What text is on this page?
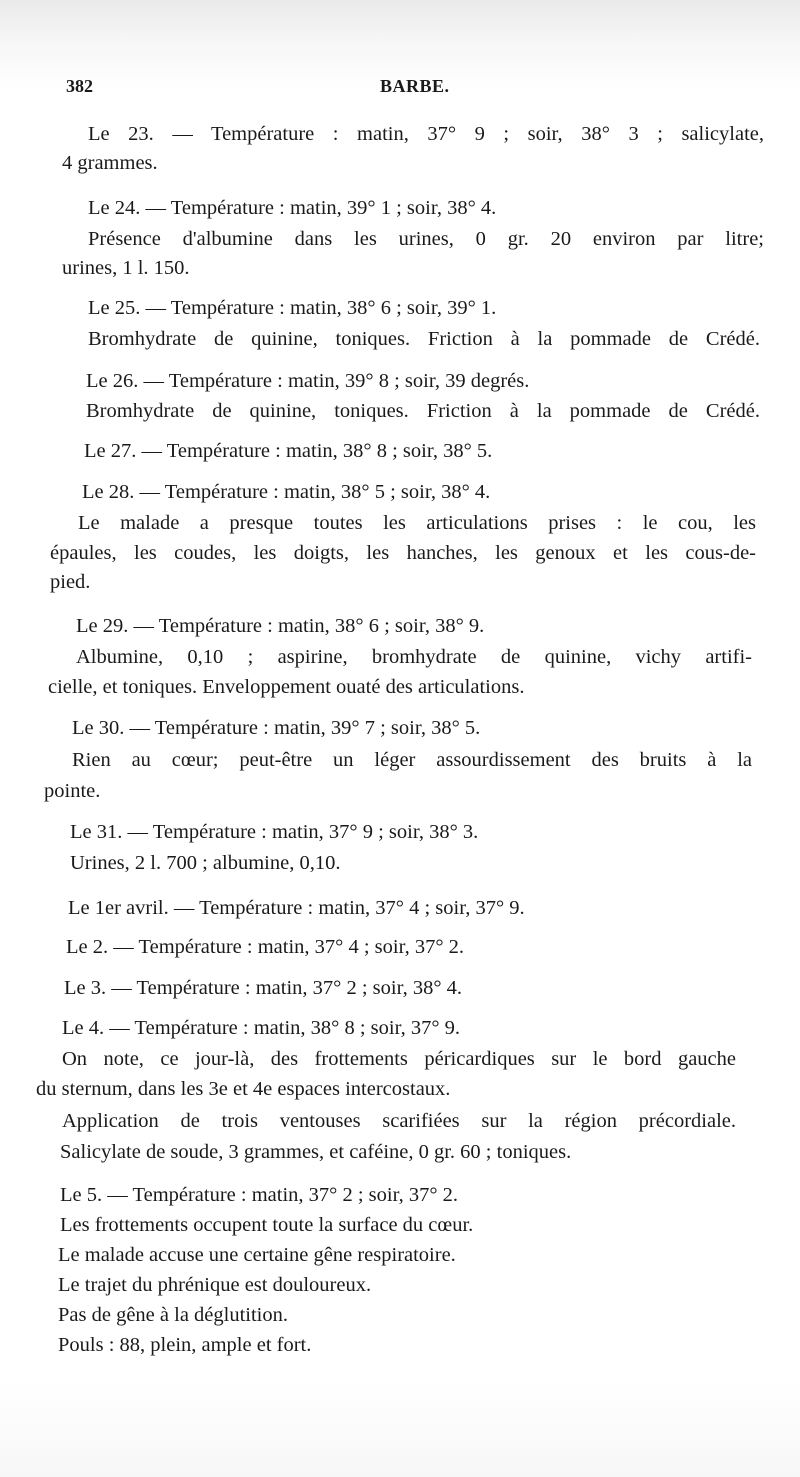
382	BARBE.
Le 23. — Température : matin, 37° 9 ; soir, 38° 3 ; salicylate,
4 grammes.
Le 24. — Température : matin, 39° 1 ; soir, 38° 4.
Présence d'albumine dans les urines, 0 gr. 20 environ par litre;
urines, 1 l. 150.
Le 25. — Température : matin, 38° 6 ; soir, 39° 1.
Bromhydrate de quinine, toniques. Friction à la pommade de Crédé.
Le 26. — Température : matin, 39° 8 ; soir, 39 degrés.
Bromhydrate de quinine, toniques. Friction à la pommade de Crédé.
Le 27. — Température : matin, 38° 8 ; soir, 38° 5.
Le 28. — Température : matin, 38° 5 ; soir, 38° 4.
Le malade a presque toutes les articulations prises : le cou, les
épaules, les coudes, les doigts, les hanches, les genoux et les cous-de-
pied.
Le 29. — Température : matin, 38° 6 ; soir, 38° 9.
Albumine, 0,10 ; aspirine, bromhydrate de quinine, vichy artifi-
cielle, et toniques. Enveloppement ouaté des articulations.
Le 30. — Température : matin, 39° 7 ; soir, 38° 5.
Rien au cœur; peut-être un léger assourdissement des bruits à la
pointe.
Le 31. — Température : matin, 37° 9 ; soir, 38° 3.
Urines, 2 l. 700 ; albumine, 0,10.
Le 1er avril. — Température : matin, 37° 4 ; soir, 37° 9.
Le 2. — Température : matin, 37° 4 ; soir, 37° 2.
Le 3. — Température : matin, 37° 2 ; soir, 38° 4.
Le 4. — Température : matin, 38° 8 ; soir, 37° 9.
On note, ce jour-là, des frottements péricardiques sur le bord gauche
du sternum, dans les 3e et 4e espaces intercostaux.
Application de trois ventouses scarifiées sur la région précordiale.
Salicylate de soude, 3 grammes, et caféine, 0 gr. 60 ; toniques.
Le 5. — Température : matin, 37° 2 ; soir, 37° 2.
Les frottements occupent toute la surface du cœur.
Le malade accuse une certaine gêne respiratoire.
Le trajet du phrénique est douloureux.
Pas de gêne à la déglutition.
Pouls : 88, plein, ample et fort.
